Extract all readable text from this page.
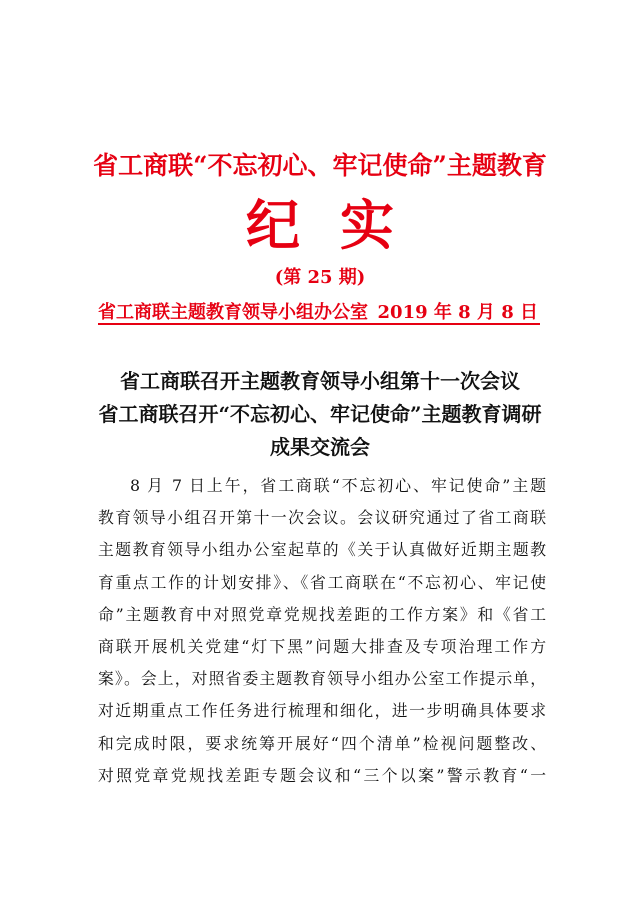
省工商联“不忘初心、牢记使命”主题教育
纪 实
(第 25 期)
省工商联主题教育领导小组办公室 2019 年 8 月 8 日
省工商联召开主题教育领导小组第十一次会议
省工商联召开“不忘初心、牢记使命”主题教育调研
成果交流会
8 月 7 日上午，省工商联“不忘初心、牢记使命”主题
教育领导小组召开第十一次会议。会议研究通过了省工商联
主题教育领导小组办公室起草的《关于认真做好近期主题教
育重点工作的计划安排》、《省工商联在“不忘初心、牢记使
命”主题教育中对照党章党规找差距的工作方案》和《省工
商联开展机关党建“灯下黑”问题大排查及专项治理工作方
案》。会上，对照省委主题教育领导小组办公室工作提示单，
对近期重点工作任务进行梳理和细化，进一步明确具体要求
和完成时限，要求统筹开展好“四个清单”检视问题整改、
对照党章党规找差距专题会议和“三个以案”警示教育“一
